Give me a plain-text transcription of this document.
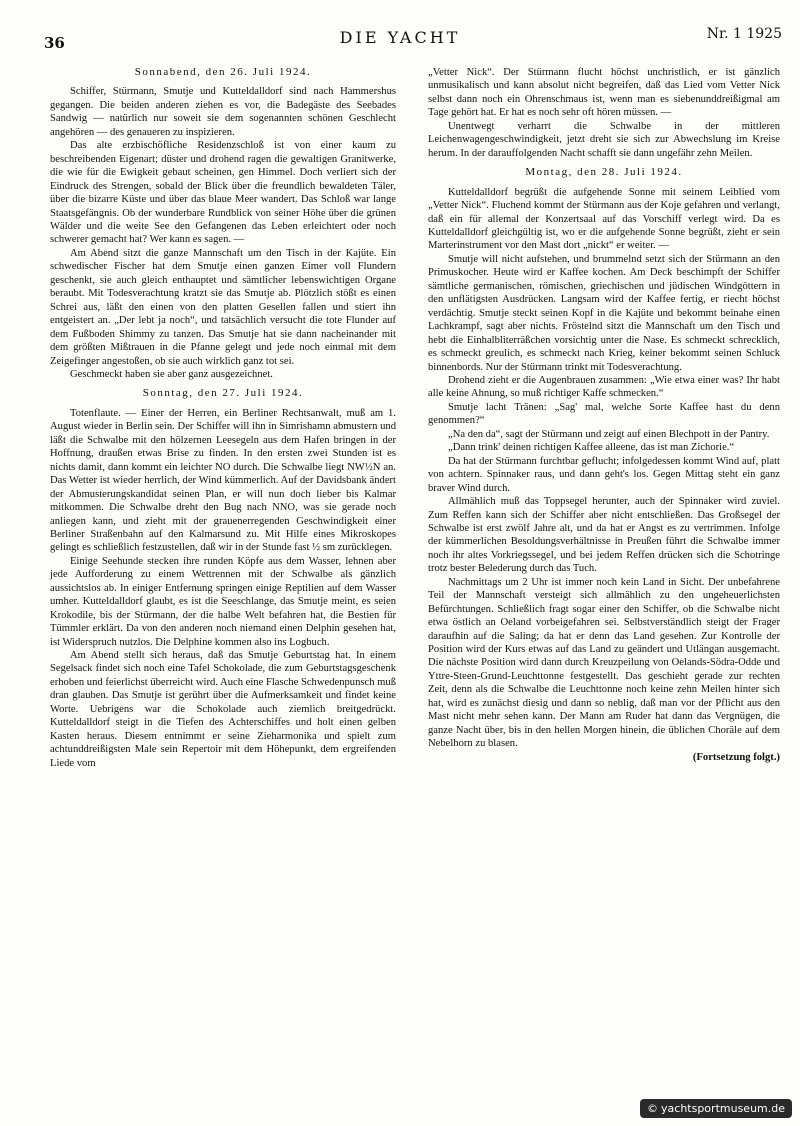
36	DIE YACHT	Nr. 1 1925

Sonnabend, den 26. Juli 1924.

Schiffer, Stürmann, Smutje und Kutteldalldorf sind nach Hammershus gegangen. Die beiden anderen ziehen es vor, die Badegäste des Seebades Sandwig — natürlich nur soweit sie dem sogenannten schönen Geschlecht angehören — des genaueren zu inspizieren.

Das alte erzbischöfliche Residenzschloß ist von einer kaum zu beschreibenden Eigenart; düster und drohend ragen die gewaltigen Granitwerke, die wie für die Ewigkeit gebaut scheinen, gen Himmel. Doch verliert sich der Eindruck des Strengen, sobald der Blick über die freundlich bewaldeten Täler, über die bizarre Küste und über das blaue Meer wandert. Das Schloß war lange Staatsgefängnis. Ob der wunderbare Rundblick von seiner Höhe über die grünen Wälder und die weite See den Gefangenen das Leben erleichtert oder noch schwerer gemacht hat? Wer kann es sagen. —

Am Abend sitzt die ganze Mannschaft um den Tisch in der Kajüte. Ein schwedischer Fischer hat dem Smutje einen ganzen Eimer voll Flundern geschenkt, sie auch gleich enthauptet und sämtlicher lebenswichtigen Organe beraubt. Mit Todesverachtung kratzt sie das Smutje ab. Plötzlich stößt es einen Schrei aus, läßt den einen von den platten Gesellen fallen und stiert ihn entgeistert an. „Der lebt ja noch“, und tatsächlich versucht die tote Flunder auf dem Fußboden Shimmy zu tanzen. Das Smutje hat sie dann nacheinander mit dem größten Mißtrauen in die Pfanne gelegt und jede noch einmal mit dem Zeigefinger angestoßen, ob sie auch wirklich ganz tot sei.

Geschmeckt haben sie aber ganz ausgezeichnet.

Sonntag, den 27. Juli 1924.

Totenflaute. — Einer der Herren, ein Berliner Rechtsanwalt, muß am 1. August wieder in Berlin sein. Der Schiffer will ihn in Simrishamn abmustern und läßt die Schwalbe mit den hölzernen Leesegeln aus dem Hafen bringen in der Hoffnung, draußen etwas Brise zu finden. In den ersten zwei Stunden ist es nichts damit, dann kommt ein leichter NO durch. Die Schwalbe liegt NW½N an. Das Wetter ist wieder herrlich, der Wind kümmerlich. Auf der Davidsbank ändert der Abmusterungskandidat seinen Plan, er will nun doch lieber bis Kalmar mitkommen. Die Schwalbe dreht den Bug nach NNO, was sie gerade noch anliegen kann, und zieht mit der grauenerregenden Geschwindigkeit einer Berliner Straßenbahn auf den Kalmarsund zu. Mit Hilfe eines Mikroskopes gelingt es schließlich festzustellen, daß wir in der Stunde fast ½ sm zurücklegen.

Einige Seehunde stecken ihre runden Köpfe aus dem Wasser, lehnen aber jede Aufforderung zu einem Wettrennen mit der Schwalbe als gänzlich aussichtslos ab. In einiger Entfernung springen einige Reptilien auf dem Wasser umher. Kutteldalldorf glaubt, es ist die Seeschlange, das Smutje meint, es seien Krokodile, bis der Stürmann, der die halbe Welt befahren hat, die Bestien für Tümmler erklärt. Da von den anderen noch niemand einen Delphin gesehen hat, ist Widerspruch nutzlos. Die Delphine kommen also ins Logbuch.

Am Abend stellt sich heraus, daß das Smutje Geburtstag hat. In einem Segelsack findet sich noch eine Tafel Schokolade, die zum Geburtstagsgeschenk erhoben und feierlichst überreicht wird. Auch eine Flasche Schwedenpunsch muß dran glauben. Das Smutje ist gerührt über die Aufmerksamkeit und findet keine Worte. Uebrigens war die Schokolade auch ziemlich breitgedrückt. Kutteldalldorf steigt in die Tiefen des Achterschiffes und holt einen gelben Kasten heraus. Diesem entnimmt er seine Zieharmonika und spielt zum achtunddreißigsten Male sein Repertoir mit dem Höhepunkt, dem ergreifenden Liede vom

„Vetter Nick“. Der Stürmann flucht höchst unchristlich, er ist gänzlich unmusikalisch und kann absolut nicht begreifen, daß das Lied vom Vetter Nick selbst dann noch ein Ohrenschmaus ist, wenn man es siebenunddreißigmal am Tage gehört hat. Er hat es noch sehr oft hören müssen. —

Unentwegt verharrt die Schwalbe in der mittleren Leichenwagengeschwindigkeit, jetzt dreht sie sich zur Abwechslung im Kreise herum. In der darauffolgenden Nacht schafft sie dann ungefähr zehn Meilen.

Montag, den 28. Juli 1924.

Kutteldalldorf begrüßt die aufgehende Sonne mit seinem Leiblied vom „Vetter Nick“. Fluchend kommt der Stürmann aus der Koje gefahren und verlangt, daß ein für allemal der Konzertsaal auf das Vorschiff verlegt wird. Da es Kutteldalldorf gleichgültig ist, wo er die aufgehende Sonne begrüßt, zieht er sein Marterinstrument vor den Mast dort „nickt“ er weiter. —

Smutje will nicht aufstehen, und brummelnd setzt sich der Stürmann an den Primuskocher. Heute wird er Kaffee kochen. Am Deck beschimpft der Schiffer sämtliche germanischen, römischen, griechischen und jüdischen Windgöttern in den unflätigsten Ausdrücken. Langsam wird der Kaffee fertig, er riecht höchst verdächtig. Smutje steckt seinen Kopf in die Kajüte und bekommt beinahe einen Lachkrampf, sagt aber nichts. Fröstelnd sitzt die Mannschaft um den Tisch und hebt die Einhalbliterräßchen vorsichtig unter die Nase. Es schmeckt schrecklich, es schmeckt greulich, es schmeckt nach Krieg, keiner bekommt seinen Schluck binnenbords. Nur der Stürmann trinkt mit Todesverachtung.

Drohend zieht er die Augenbrauen zusammen: „Wie etwa einer was? Ihr habt alle keine Ahnung, so muß richtiger Kaffe schmecken.“

Smutje lacht Tränen: „Sag' mal, welche Sorte Kaffee hast du denn genommen?“

„Na den da“, sagt der Stürmann und zeigt auf einen Blechpott in der Pantry.

„Dann trink' deinen richtigen Kaffee alleene, das ist man Zichorie.“

Da hat der Stürmann furchtbar geflucht; infolgedessen kommt Wind auf, platt von achtern. Spinnaker raus, und dann geht's los. Gegen Mittag steht ein ganz braver Wind durch.

Allmählich muß das Toppsegel herunter, auch der Spinnaker wird zuviel. Zum Reffen kann sich der Schiffer aber nicht entschließen. Das Großsegel der Schwalbe ist erst zwölf Jahre alt, und da hat er Angst es zu vertrimmen. Infolge der kümmerlichen Besoldungsverhältnisse in Preußen führt die Schwalbe immer noch ihr altes Vorkriegssegel, und bei jedem Reffen drücken sich die Schotringe trotz bester Belederung durch das Tuch.

Nachmittags um 2 Uhr ist immer noch kein Land in Sicht. Der unbefahrene Teil der Mannschaft versteigt sich allmählich zu den ungeheuerlichsten Befürchtungen. Schließlich fragt sogar einer den Schiffer, ob die Schwalbe nicht etwa östlich an Oeland vorbeigefahren sei. Selbstverständlich steigt der Frager daraufhin auf die Saling; da hat er denn das Land gesehen. Zur Kontrolle der Position wird der Kurs etwas auf das Land zu geändert und Utlängan ausgemacht. Die nächste Position wird dann durch Kreuzpeilung von Oelands-Södra-Odde und Yttre-Steen-Grund-Leuchttonne festgestellt. Das geschieht gerade zur rechten Zeit, denn als die Schwalbe die Leuchttonne noch keine zehn Meilen hinter sich hat, wird es zunächst diesig und dann so neblig, daß man vor der Pflicht aus den Mast nicht mehr sehen kann. Der Mann am Ruder hat dann das Vergnügen, die ganze Nacht über, bis in den hellen Morgen hinein, die üblichen Choräle auf dem Nebelhorn zu blasen.

(Fortsetzung folgt.)

© yachtsportmuseum.de
